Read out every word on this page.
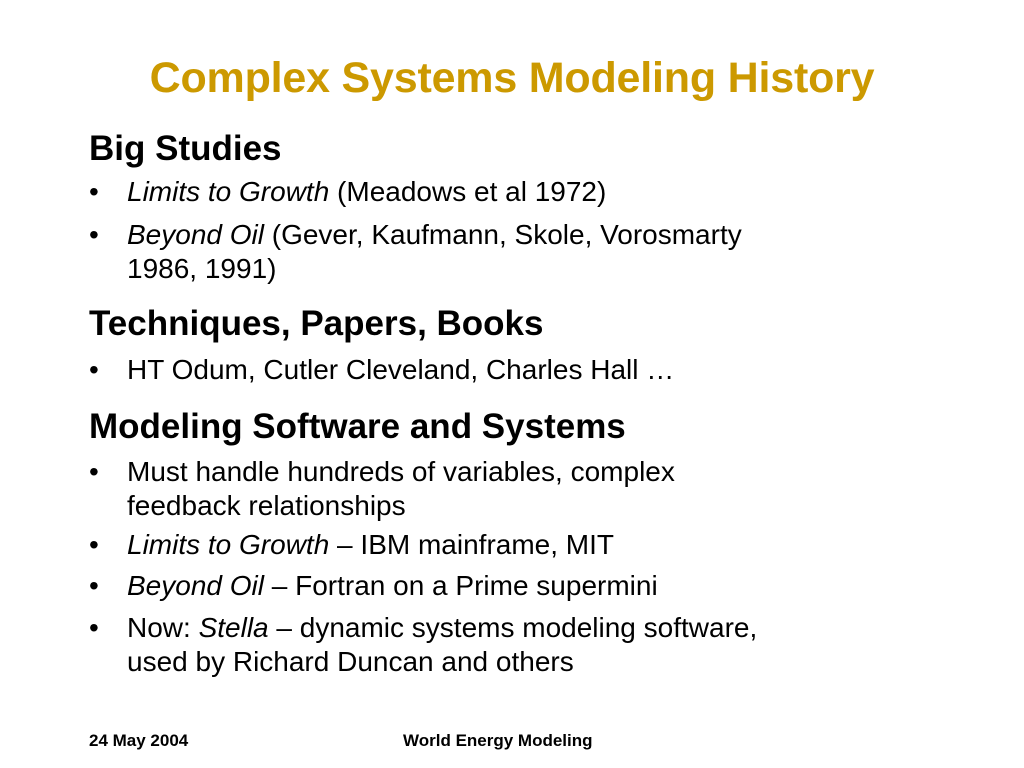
Complex Systems Modeling History
Big Studies
• Limits to Growth (Meadows et al 1972)
• Beyond Oil (Gever, Kaufmann, Skole, Vorosmarty
1986, 1991)
Techniques, Papers, Books
• HT Odum, Cutler Cleveland, Charles Hall …
Modeling Software and Systems
• Must handle hundreds of variables, complex
feedback relationships
• Limits to Growth – IBM mainframe, MIT
• Beyond Oil – Fortran on a Prime supermini
• Now: Stella – dynamic systems modeling software,
used by Richard Duncan and others
24 May 2004	World Energy Modeling
